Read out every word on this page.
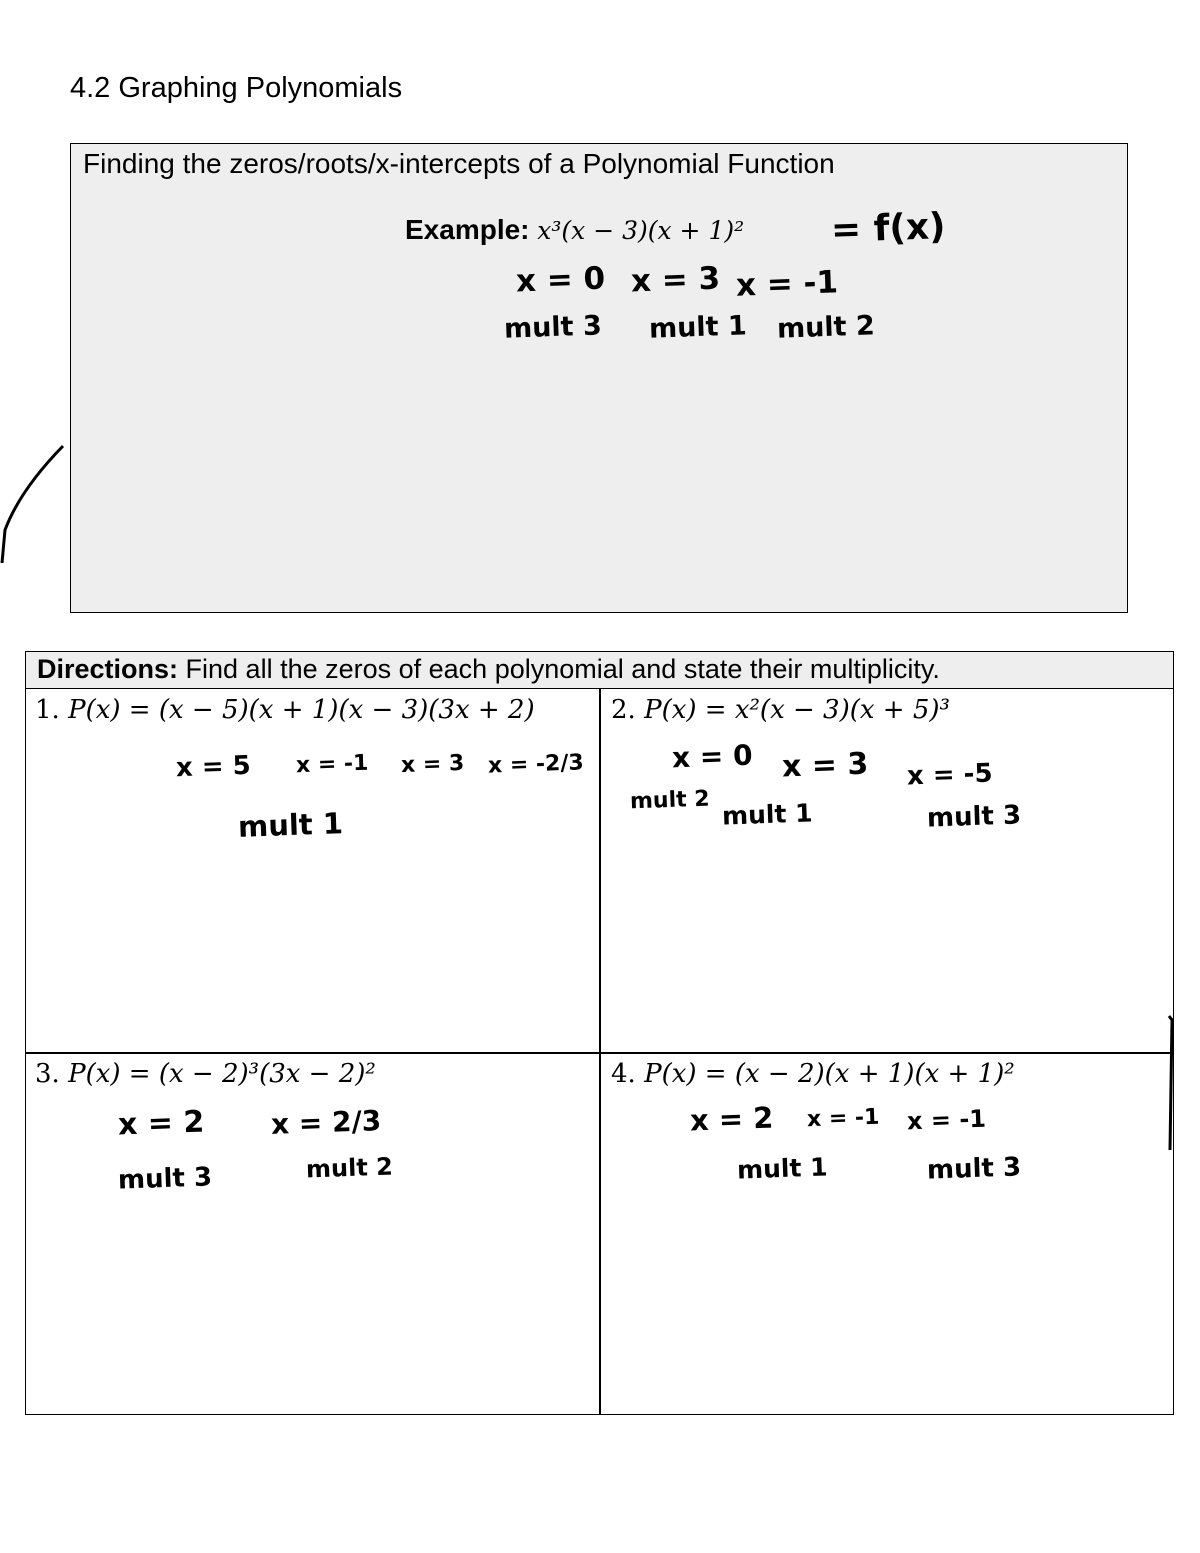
4.2 Graphing Polynomials
Finding the zeros/roots/x-intercepts of a Polynomial Function
Example: x³(x − 3)(x + 1)² = f(x)
x = 0 x = 3 x = -1
mult 3 mult 1 mult 2
Directions: Find all the zeros of each polynomial and state their multiplicity.
1. P(x) = (x − 5)(x + 1)(x − 3)(3x + 2)
x = 5 x = -1 x = 3 x = -2/3
mult 1
2. P(x) = x²(x − 3)(x + 5)³
x = 0 x = 3 x = -5
mult 2 mult 1	mult 3
3. P(x) = (x − 2)³(3x − 2)²
x = 2 x = 2/3
mult 3	mult 2
4. P(x) = (x − 2)(x + 1)(x + 1)²
x = 2 x = -1 x = -1
mult 1	mult 3
